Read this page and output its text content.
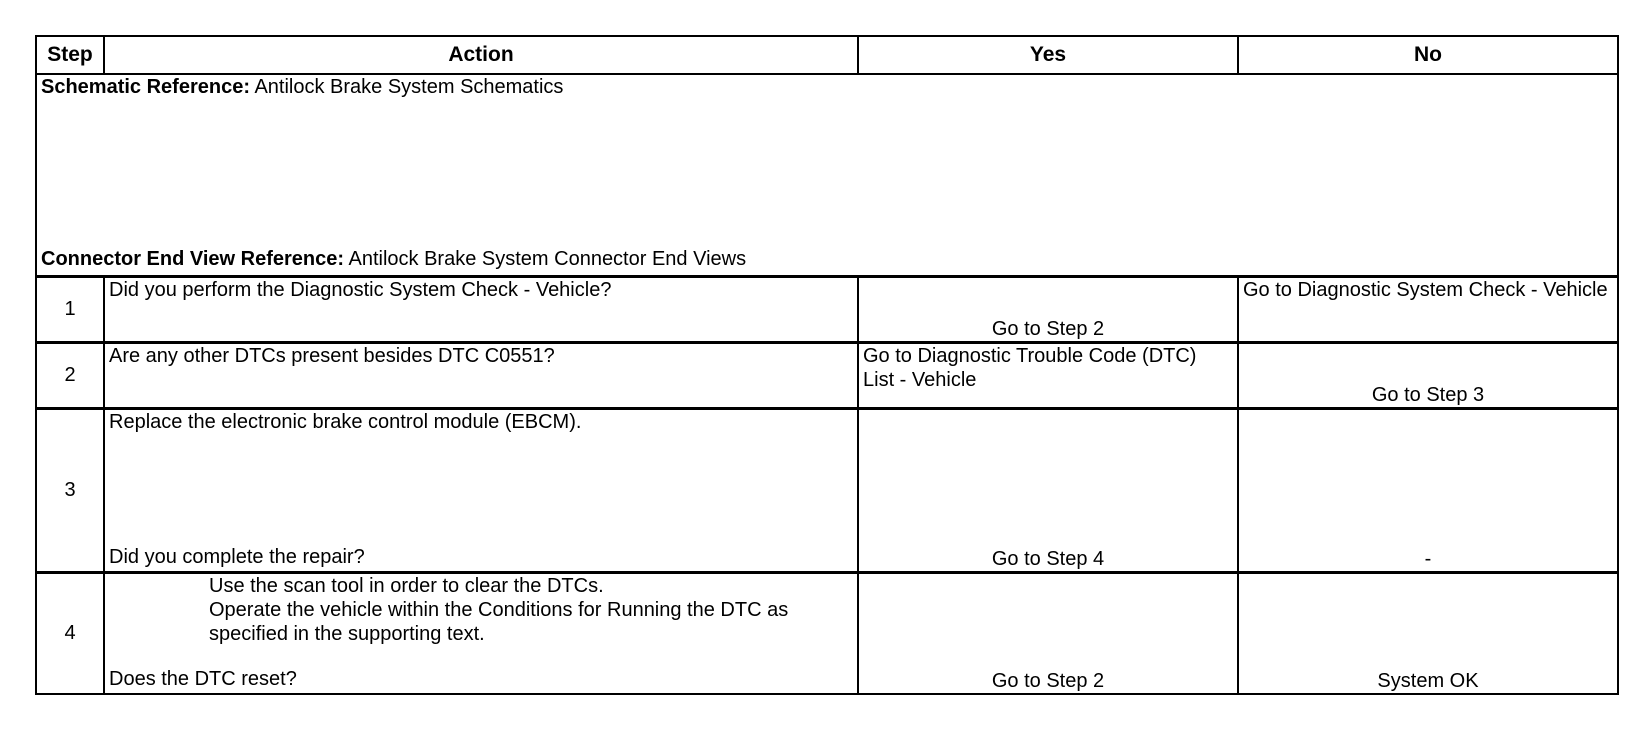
Step	Action	Yes	No

Schematic Reference: Antilock Brake System Schematics
Connector End View Reference: Antilock Brake System Connector End Views			

1	Did you perform the Diagnostic System Check - Vehicle?	Go to Step 2	Go to Diagnostic System Check - Vehicle
2	Are any other DTCs present besides DTC C0551?	Go to Diagnostic Trouble Code (DTC) List - Vehicle	Go to Step 3
3	Replace the electronic brake control module (EBCM).
Did you complete the repair?	Go to Step 4	-
4	Use the scan tool in order to clear the DTCs.
Operate the vehicle within the Conditions for Running the DTC as specified in the supporting text.
Does the DTC reset?	Go to Step 2	System OK
